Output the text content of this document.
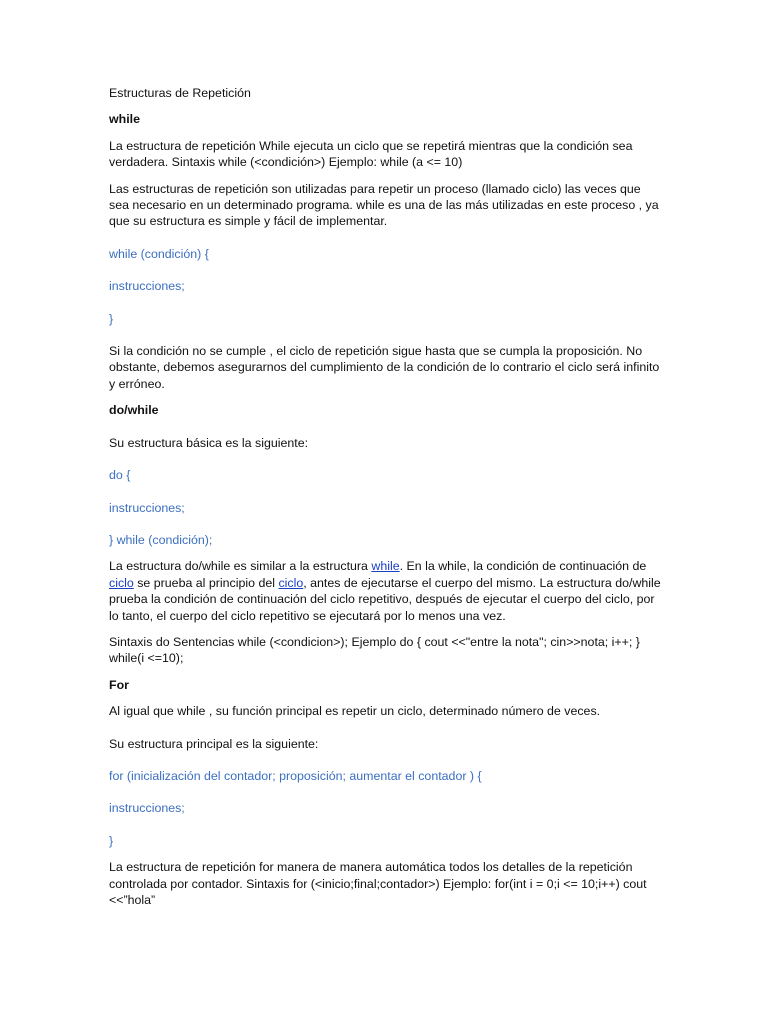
Estructuras de Repetición

while

La estructura de repetición While ejecuta un ciclo que se repetirá mientras que la condición sea verdadera. Sintaxis while (<condición>) Ejemplo: while (a <= 10)

Las estructuras de repetición son utilizadas para repetir un proceso (llamado ciclo) las veces que sea necesario en un determinado programa. while es una de las más utilizadas en este proceso , ya que su estructura es simple y fácil de implementar.

while (condición) {

instrucciones;

}

Si la condición no se cumple , el ciclo de repetición sigue hasta que se cumpla la proposición. No obstante, debemos asegurarnos del cumplimiento de la condición de lo contrario el ciclo será infinito y erróneo.

do/while

Su estructura básica es la siguiente:

do {

instrucciones;

} while (condición);

La estructura do/while es similar a la estructura while. En la while, la condición de continuación de ciclo se prueba al principio del ciclo, antes de ejecutarse el cuerpo del mismo. La estructura do/while prueba la condición de continuación del ciclo repetitivo, después de ejecutar el cuerpo del ciclo, por lo tanto, el cuerpo del ciclo repetitivo se ejecutará por lo menos una vez.

Sintaxis do Sentencias while (<condicion>); Ejemplo do { cout <<"entre la nota"; cin>>nota; i++; } while(i <=10);

For

Al igual que while , su función principal es repetir un ciclo, determinado número de veces.

Su estructura principal es la siguiente:

for (inicialización del contador; proposición; aumentar el contador ) {

instrucciones;

}

La estructura de repetición for manera de manera automática todos los detalles de la repetición controlada por contador. Sintaxis for (<inicio;final;contador>) Ejemplo: for(int i = 0;i <= 10;i++) cout <<”hola”
